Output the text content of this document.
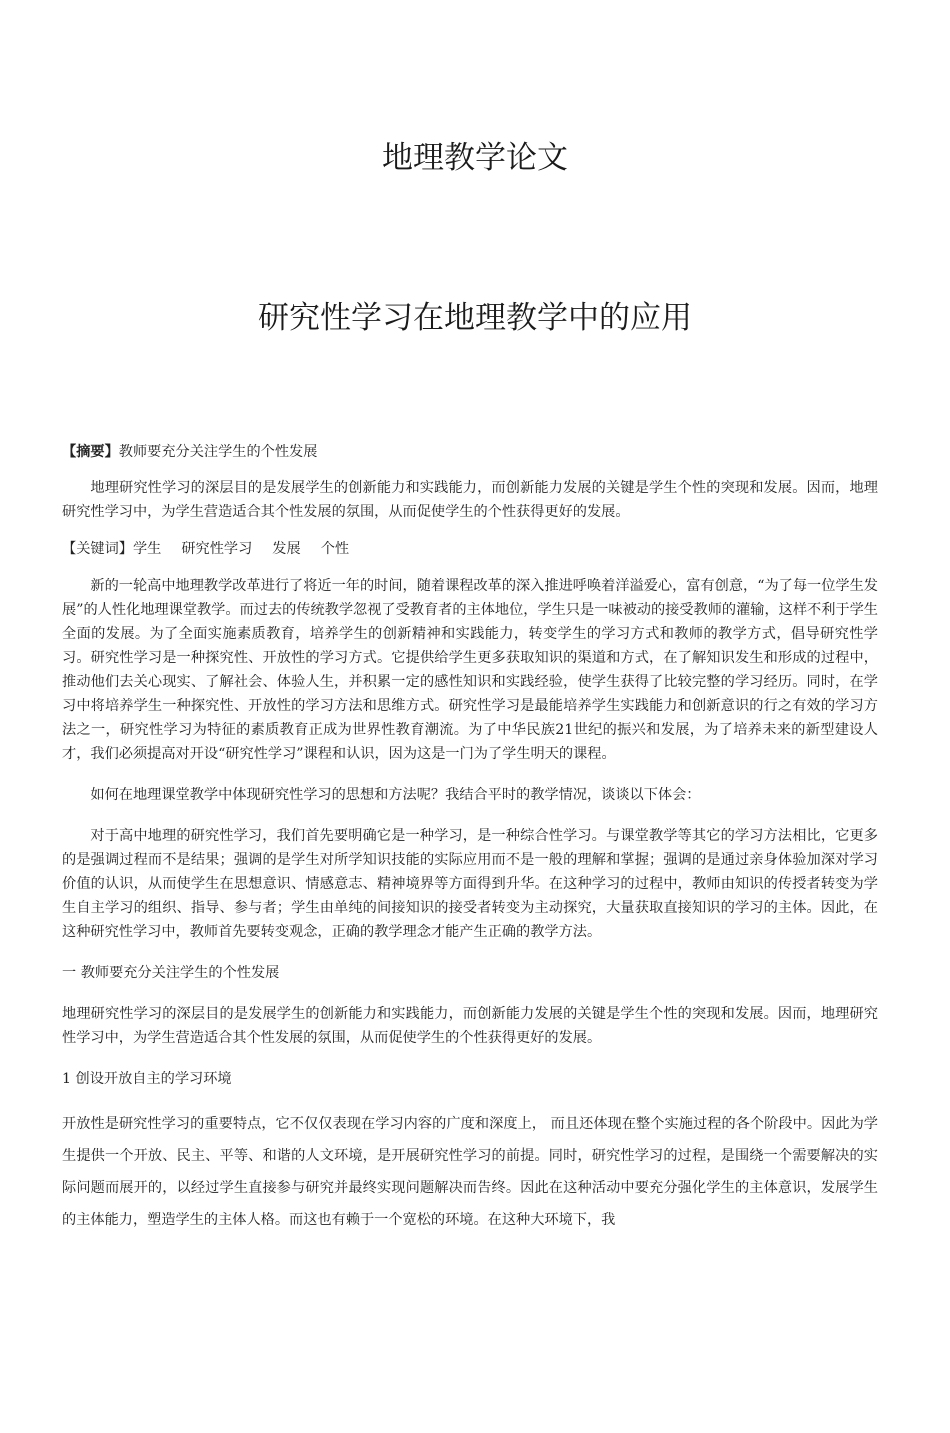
地理教学论文
研究性学习在地理教学中的应用

【摘要】教师要充分关注学生的个性发展

地理研究性学习的深层目的是发展学生的创新能力和实践能力，而创新能力发展的关键是学生个性的突现和发展。因而，地理研究性学习中，为学生营造适合其个性发展的氛围，从而促使学生的个性获得更好的发展。

【关键词】学生 研究性学习 发展 个性

新的一轮高中地理教学改革进行了将近一年的时间，随着课程改革的深入推进呼唤着洋溢爱心，富有创意，“为了每一位学生发展”的人性化地理课堂教学。而过去的传统教学忽视了受教育者的主体地位，学生只是一味被动的接受教师的灌输，这样不利于学生全面的发展。为了全面实施素质教育，培养学生的创新精神和实践能力，转变学生的学习方式和教师的教学方式，倡导研究性学习。研究性学习是一种探究性、开放性的学习方式。它提供给学生更多获取知识的渠道和方式，在了解知识发生和形成的过程中，推动他们去关心现实、了解社会、体验人生，并积累一定的感性知识和实践经验，使学生获得了比较完整的学习经历。同时，在学习中将培养学生一种探究性、开放性的学习方法和思维方式。研究性学习是最能培养学生实践能力和创新意识的行之有效的学习方法之一，研究性学习为特征的素质教育正成为世界性教育潮流。为了中华民族21世纪的振兴和发展，为了培养未来的新型建设人才，我们必须提高对开设“研究性学习”课程和认识，因为这是一门为了学生明天的课程。

如何在地理课堂教学中体现研究性学习的思想和方法呢？我结合平时的教学情况，谈谈以下体会：

对于高中地理的研究性学习，我们首先要明确它是一种学习，是一种综合性学习。与课堂教学等其它的学习方法相比，它更多的是强调过程而不是结果；强调的是学生对所学知识技能的实际应用而不是一般的理解和掌握；强调的是通过亲身体验加深对学习价值的认识，从而使学生在思想意识、情感意志、精神境界等方面得到升华。在这种学习的过程中，教师由知识的传授者转变为学生自主学习的组织、指导、参与者；学生由单纯的间接知识的接受者转变为主动探究，大量获取直接知识的学习的主体。因此，在这种研究性学习中，教师首先要转变观念，正确的教学理念才能产生正确的教学方法。

一 教师要充分关注学生的个性发展

地理研究性学习的深层目的是发展学生的创新能力和实践能力，而创新能力发展的关键是学生个性的突现和发展。因而，地理研究性学习中，为学生营造适合其个性发展的氛围，从而促使学生的个性获得更好的发展。

1 创设开放自主的学习环境

开放性是研究性学习的重要特点，它不仅仅表现在学习内容的广度和深度上， 而且还体现在整个实施过程的各个阶段中。因此为学生提供一个开放、民主、平等、和谐的人文环境，是开展研究性学习的前提。同时，研究性学习的过程，是围绕一个需要解决的实际问题而展开的，以经过学生直接参与研究并最终实现问题解决而告终。因此在这种活动中要充分强化学生的主体意识，发展学生的主体能力，塑造学生的主体人格。而这也有赖于一个宽松的环境。在这种大环境下，我
